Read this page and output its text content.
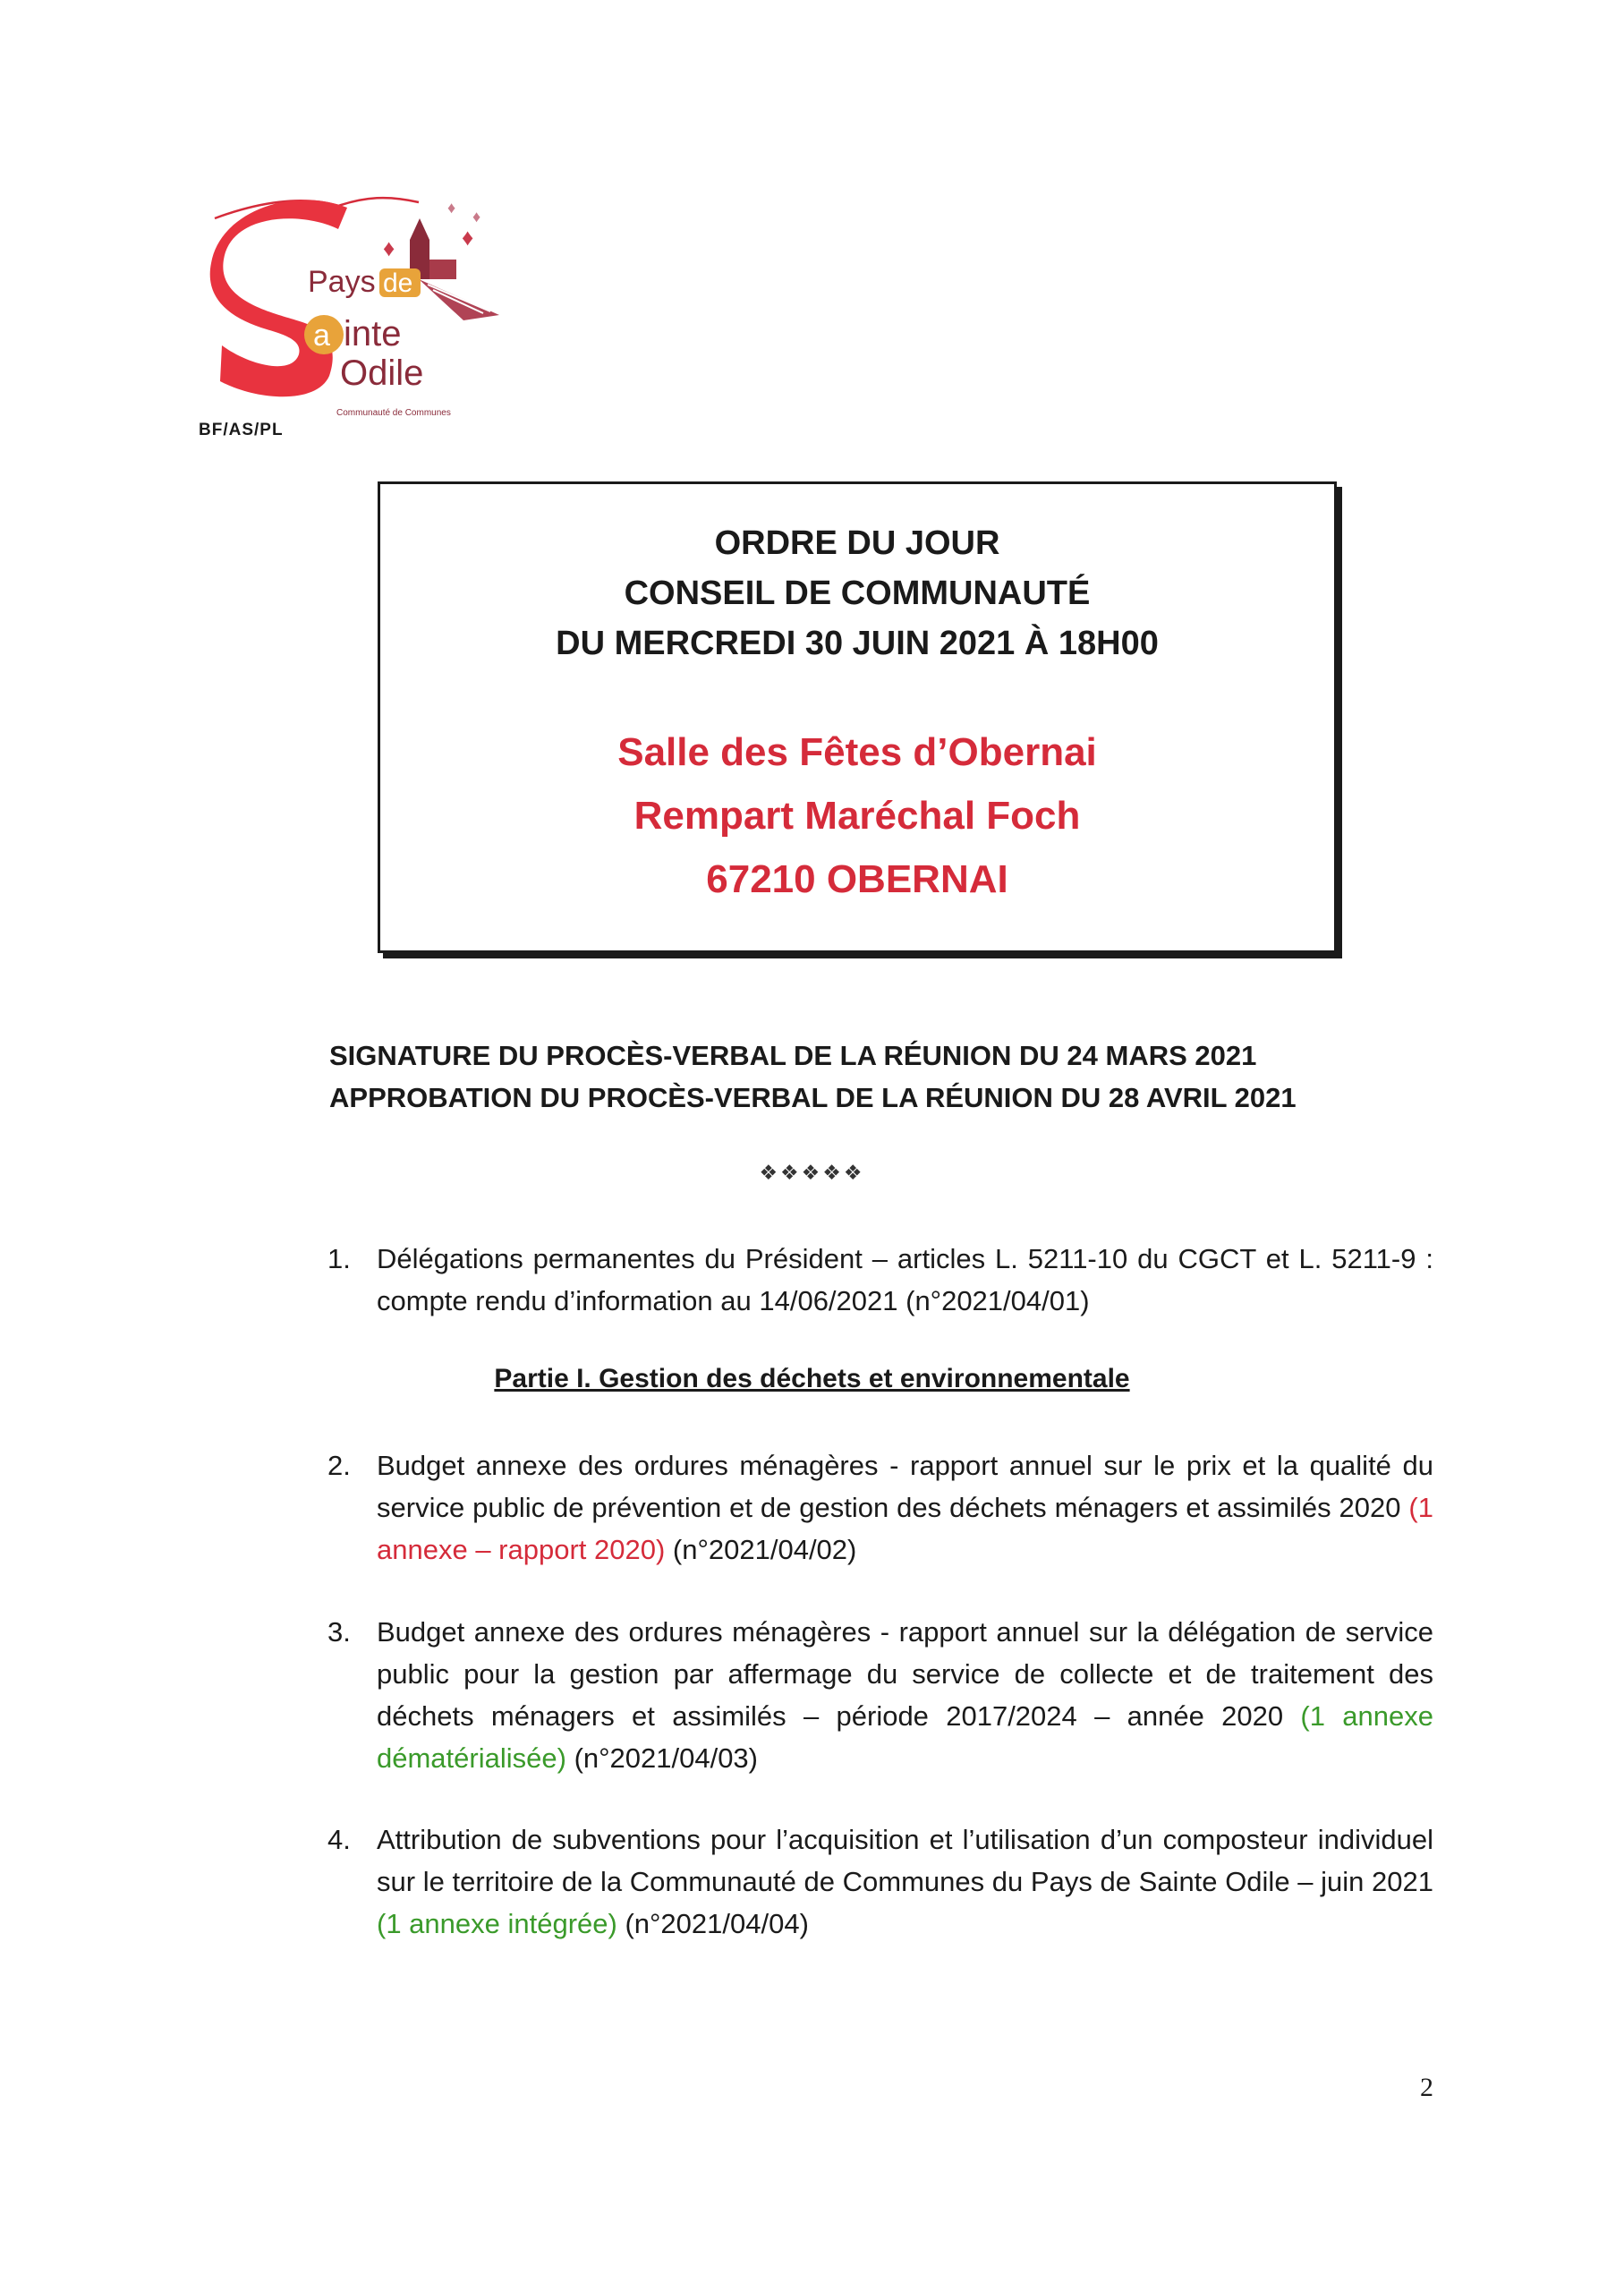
♦	♦
♦
♦
Pays de
a inte
Odile
Communauté de Communes
BF/AS/PL
ORDRE DU JOUR
CONSEIL DE COMMUNAUTÉ
DU MERCREDI 30 JUIN 2021 À 18H00
Salle des Fêtes d’Obernai
Rempart Maréchal Foch
67210 OBERNAI
SIGNATURE DU PROCÈS-VERBAL DE LA RÉUNION DU 24 MARS 2021
APPROBATION DU PROCÈS-VERBAL DE LA RÉUNION DU 28 AVRIL 2021
❖❖❖❖❖
1. Délégations permanentes du Président – articles L. 5211-10 du CGCT et L. 5211-9 : compte rendu d’information au 14/06/2021 (n°2021/04/01)
Partie I. Gestion des déchets et environnementale
2. Budget annexe des ordures ménagères - rapport annuel sur le prix et la qualité du service public de prévention et de gestion des déchets ménagers et assimilés 2020 (1 annexe – rapport 2020) (n°2021/04/02)
3. Budget annexe des ordures ménagères - rapport annuel sur la délégation de service public pour la gestion par affermage du service de collecte et de traitement des déchets ménagers et assimilés – période 2017/2024 – année 2020 (1 annexe dématérialisée) (n°2021/04/03)
4. Attribution de subventions pour l’acquisition et l’utilisation d’un composteur individuel sur le territoire de la Communauté de Communes du Pays de Sainte Odile – juin 2021 (1 annexe intégrée) (n°2021/04/04)
2
